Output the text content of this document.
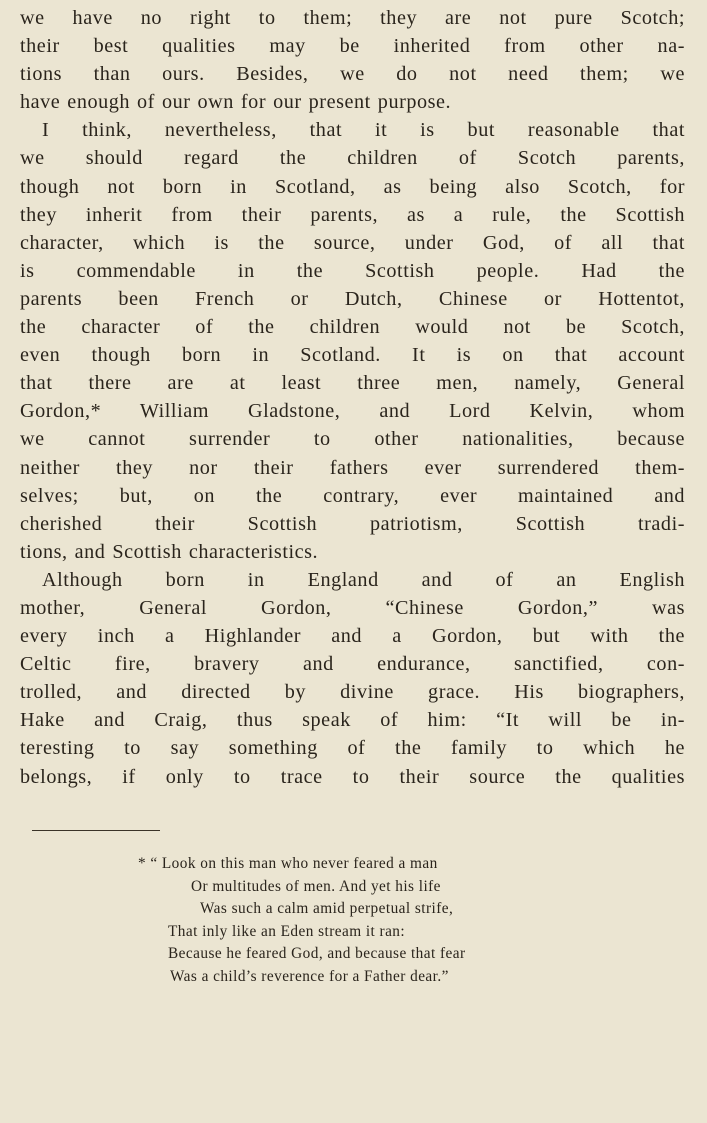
we have no right to them; they are not pure Scotch;
their best qualities may be inherited from other na-
tions than ours. Besides, we do not need them; we
have enough of our own for our present purpose.
I think, nevertheless, that it is but reasonable that
we should regard the children of Scotch parents,
though not born in Scotland, as being also Scotch, for
they inherit from their parents, as a rule, the Scottish
character, which is the source, under God, of all that
is commendable in the Scottish people. Had the
parents been French or Dutch, Chinese or Hottentot,
the character of the children would not be Scotch,
even though born in Scotland. It is on that account
that there are at least three men, namely, General
Gordon,* William Gladstone, and Lord Kelvin, whom
we cannot surrender to other nationalities, because
neither they nor their fathers ever surrendered them-
selves; but, on the contrary, ever maintained and
cherished their Scottish patriotism, Scottish tradi-
tions, and Scottish characteristics.
Although born in England and of an English
mother, General Gordon, “Chinese Gordon,” was
every inch a Highlander and a Gordon, but with the
Celtic fire, bravery and endurance, sanctified, con-
trolled, and directed by divine grace. His biographers,
Hake and Craig, thus speak of him: “It will be in-
teresting to say something of the family to which he
belongs, if only to trace to their source the qualities
* “ Look on this man who never feared a man
Or multitudes of men. And yet his life
Was such a calm amid perpetual strife,
That inly like an Eden stream it ran:
Because he feared God, and because that fear
Was a child’s reverence for a Father dear.”
